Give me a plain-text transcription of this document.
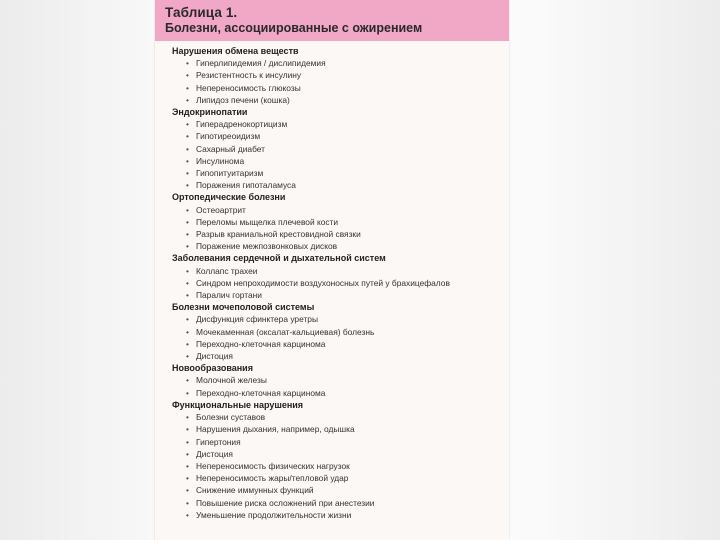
Таблица 1.
Болезни, ассоциированные с ожирением
Нарушения обмена веществ
• Гиперлипидемия / дислипидемия
• Резистентность к инсулину
• Непереносимость глюкозы
• Липидоз печени (кошка)
Эндокринопатии
• Гиперадренокортицизм
• Гипотиреоидизм
• Сахарный диабет
• Инсулинома
• Гипопитуитаризм
• Поражения гипоталамуса
Ортопедические болезни
• Остеоартрит
• Переломы мыщелка плечевой кости
• Разрыв краниальной крестовидной связки
• Поражение межпозвонковых дисков
Заболевания сердечной и дыхательной систем
• Коллапс трахеи
• Синдром непроходимости воздухоносных путей у брахицефалов
• Паралич гортани
Болезни мочеполовой системы
• Дисфункция сфинктера уретры
• Мочекаменная (оксалат-кальциевая) болезнь
• Переходно-клеточная карцинома
• Дистоция
Новообразования
• Молочной железы
• Переходно-клеточная карцинома
Функциональные нарушения
• Болезни суставов
• Нарушения дыхания, например, одышка
• Гипертония
• Дистоция
• Непереносимость физических нагрузок
• Непереносимость жары/тепловой удар
• Снижение иммунных функций
• Повышение риска осложнений при анестезии
• Уменьшение продолжительности жизни
